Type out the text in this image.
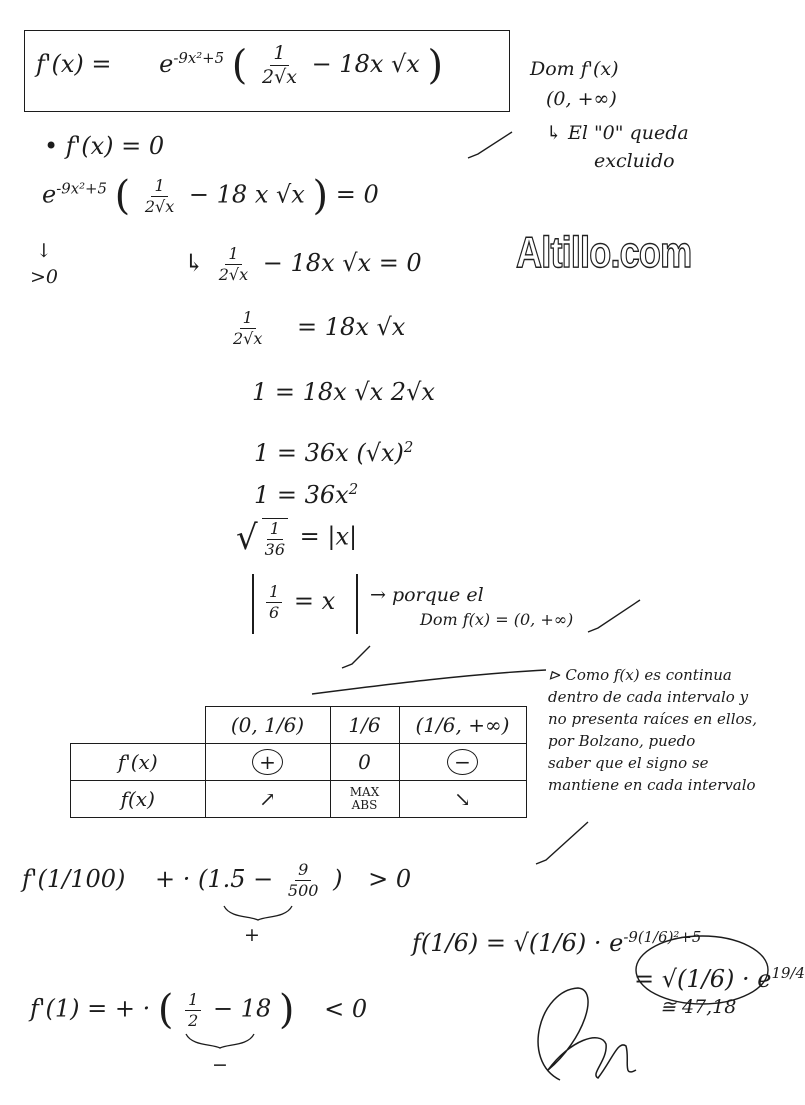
$f'(x) = e^{-9x^2+5}$ ( $\frac{1}{2√x} - 18x$ √x )	Dom f'(x)
(0, +∞)
↳ El "0" queda
excluido
• f'(x) = 0
$e^{-9x^2+5}$ ( $\frac{1}{2√x} - 18$ x √x ) = 0
↓
>0	Altillo.com
↳ $\frac{1}{2√x} - 18x$ √x = 0
$\frac{1}{2√x} = 18x$ √x
1 = 18x √x 2√x
1 = 36x $(√x)^2$
$1 = 36x^2$
√ $\frac{1}{36} = |x|$
$\frac{1}{6} = x$ → porque el
Dom f(x) = (0, +∞)
⊳ Como f(x) es continua
dentro de cada intervalo y
no presenta raíces en ellos,
por Bolzano, puedo
saber que el signo se
mantiene en cada intervalo
	(0, 1/6)	1/6	(1/6, +∞)
f'(x)	+	0	−
f(x)	↗	MAX ABS	↘
f'(1/100) + · ($1.5 - \frac{9}{500}$ ) > 0
+
f'(1) = + · ( $\frac{1}{2} - 18$ ) < 0
−
$f(1/6) = √(1/6) \cdot e^{-9(1/6)^2+5}$
= $√(1/6) \cdot e^{19/4}$
≅ 47,18
